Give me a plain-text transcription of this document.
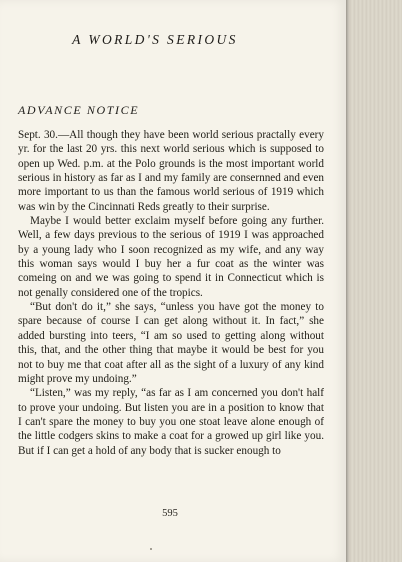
A WORLD'S SERIOUS
ADVANCE NOTICE

Sept. 30.—All though they have been world serious practally every yr. for the last 20 yrs. this next world serious which is supposed to open up Wed. p.m. at the Polo grounds is the most important world serious in history as far as I and my family are consernned and even more important to us than the famous world serious of 1919 which was win by the Cincinnati Reds greatly to their surprise.

Maybe I would better exclaim myself before going any further. Well, a few days previous to the serious of 1919 I was approached by a young lady who I soon recognized as my wife, and any way this woman says would I buy her a fur coat as the winter was comeing on and we was going to spend it in Connecticut which is not genally considered one of the tropics.

“But don't do it,” she says, “unless you have got the money to spare because of course I can get along without it. In fact,” she added bursting into teers, “I am so used to getting along without this, that, and the other thing that maybe it would be best for you not to buy me that coat after all as the sight of a luxury of any kind might prove my undoing.”

“Listen,” was my reply, “as far as I am concerned you don't half to prove your undoing. But listen you are in a position to know that I can't spare the money to buy you one stoat leave alone enough of the little codgers skins to make a coat for a growed up girl like you. But if I can get a hold of any body that is sucker enough to

595
